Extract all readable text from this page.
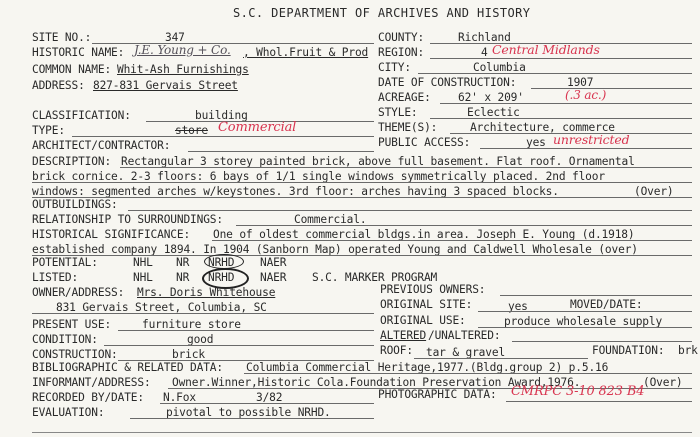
S.C. DEPARTMENT OF ARCHIVES AND HISTORY
SITE NO.:	347	COUNTY:	Richland
HISTORIC NAME: J.E. Young + Co. , Whol.Fruit & Prod REGION:	4 Central Midlands
COMMON NAME: Whit-Ash Furnishings	CITY:	Columbia
ADDRESS: 827-831 Gervais Street	DATE OF CONSTRUCTION:	1907
ACREAGE: 62' x 209'	(.3 ac.)
CLASSIFICATION:	building	STYLE:	Eclectic
TYPE:	store Commercial	THEME(S):	Architecture, commerce
ARCHITECT/CONTRACTOR:	PUBLIC ACCESS:	yes unrestricted
DESCRIPTION: Rectangular 3 storey painted brick, above full basement. Flat roof. Ornamental
brick cornice. 2-3 floors: 6 bays of 1/1 single windows symmetrically placed. 2nd floor
windows: segmented arches w/keystones. 3rd floor: arches having 3 spaced blocks.	(Over)
OUTBUILDINGS:
RELATIONSHIP TO SURROUNDINGS:	Commercial.
HISTORICAL SIGNIFICANCE: One of oldest commercial bldgs.in area. Joseph E. Young (d.1918)
established company 1894. In 1904 (Sanborn Map) operated Young and Caldwell Wholesale (over)
POTENTIAL:	NHL NR NRHD NAER
LISTED:	NHL NR NRHD NAER S.C. MARKER PROGRAM
OWNER/ADDRESS: Mrs. Doris Whitehouse
831 Gervais Street, Columbia, SC
PREVIOUS OWNERS:
ORIGINAL SITE:	yes	MOVED/DATE:
PRESENT USE:	furniture store	ORIGINAL USE:	produce wholesale supply
CONDITION:	good	ALTERED /UNALTERED:
CONSTRUCTION:	brick	ROOF: tar & gravel	FOUNDATION: brk
BIBLIOGRAPHIC & RELATED DATA: Columbia Commercial Heritage,1977.(Bldg.group 2) p.5.16
INFORMANT/ADDRESS: Owner.Winner,Historic Cola.Foundation Preservation Award,1976.	(Over)
RECORDED BY/DATE: N.Fox	3/82	PHOTOGRAPHIC DATA: CMRPC 3-10 823 B4
EVALUATION:	pivotal to possible NRHD.
